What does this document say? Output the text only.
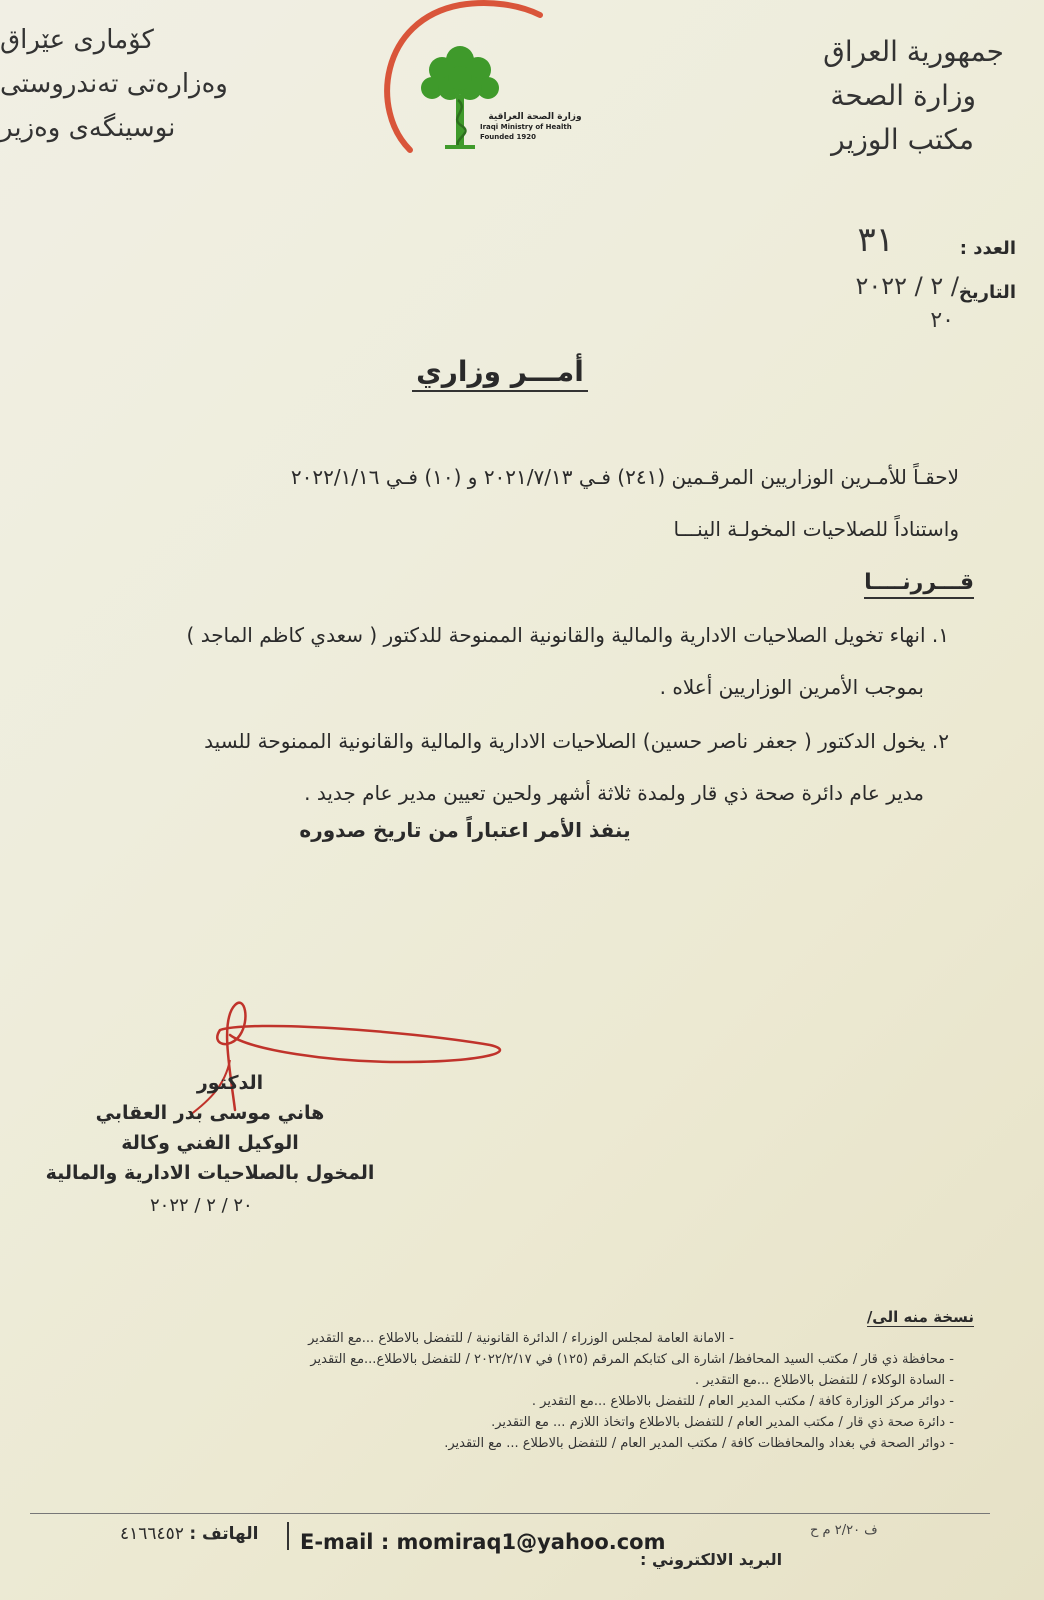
جمهورية العراق
وزارة الصحة
مكتب الوزير
كۆماری عێراق
وەزارەتی تەندروستی
نوسینگەی وەزیر	وزارة الصحة العراقية
Iraqi Ministry of Health
Founded 1920
العدد :
٣١
التاريخ
/ ٢ / ٢٠٢٢
٢٠
أمـــر وزاري
لاحقـاً للأمـرين الوزاريين المرقـمين (٢٤١) فـي ٢٠٢١/٧/١٣ و (١٠) فـي ٢٠٢٢/١/١٦
واستناداً للصلاحيات المخولـة الينـــا
قـــررنــــا
١. انهاء تخويل الصلاحيات الادارية والمالية والقانونية الممنوحة للدكتور ( سعدي كاظم الماجد )
بموجب الأمرين الوزاريين أعلاه .
٢. يخول الدكتور ( جعفر ناصر حسين) الصلاحيات الادارية والمالية والقانونية الممنوحة للسيد
مدير عام دائرة صحة ذي قار ولمدة ثلاثة أشهر ولحين تعيين مدير عام جديد .
ينفذ الأمر اعتباراً من تاريخ صدوره
الدكتور
هاني موسى بدر العقابي
الوكيل الفني وكالة
المخول بالصلاحيات الادارية والمالية
٢٠ / ٢ / ٢٠٢٢
نسخة منه الى/
- الامانة العامة لمجلس الوزراء / الدائرة القانونية / للتفضل بالاطلاع ...مع التقدير
- محافظة ذي قار / مكتب السيد المحافظ/ اشارة الى كتابكم المرقم (١٢٥) في ٢٠٢٢/٢/١٧ / للتفضل بالاطلاع...مع التقدير
- السادة الوكلاء / للتفضل بالاطلاع ...مع التقدير .
- دوائر مركز الوزارة كافة / مكتب المدير العام / للتفضل بالاطلاع ...مع التقدير .
- دائرة صحة ذي قار / مكتب المدير العام / للتفضل بالاطلاع واتخاذ اللازم ... مع التقدير.
- دوائر الصحة في بغداد والمحافظات كافة / مكتب المدير العام / للتفضل بالاطلاع ... مع التقدير.
ف ٢/٢٠ م ح
الهاتف : ٤١٦٦٤٥٢	E-mail : momiraq1@yahoo.com
: البريد الالكتروني
